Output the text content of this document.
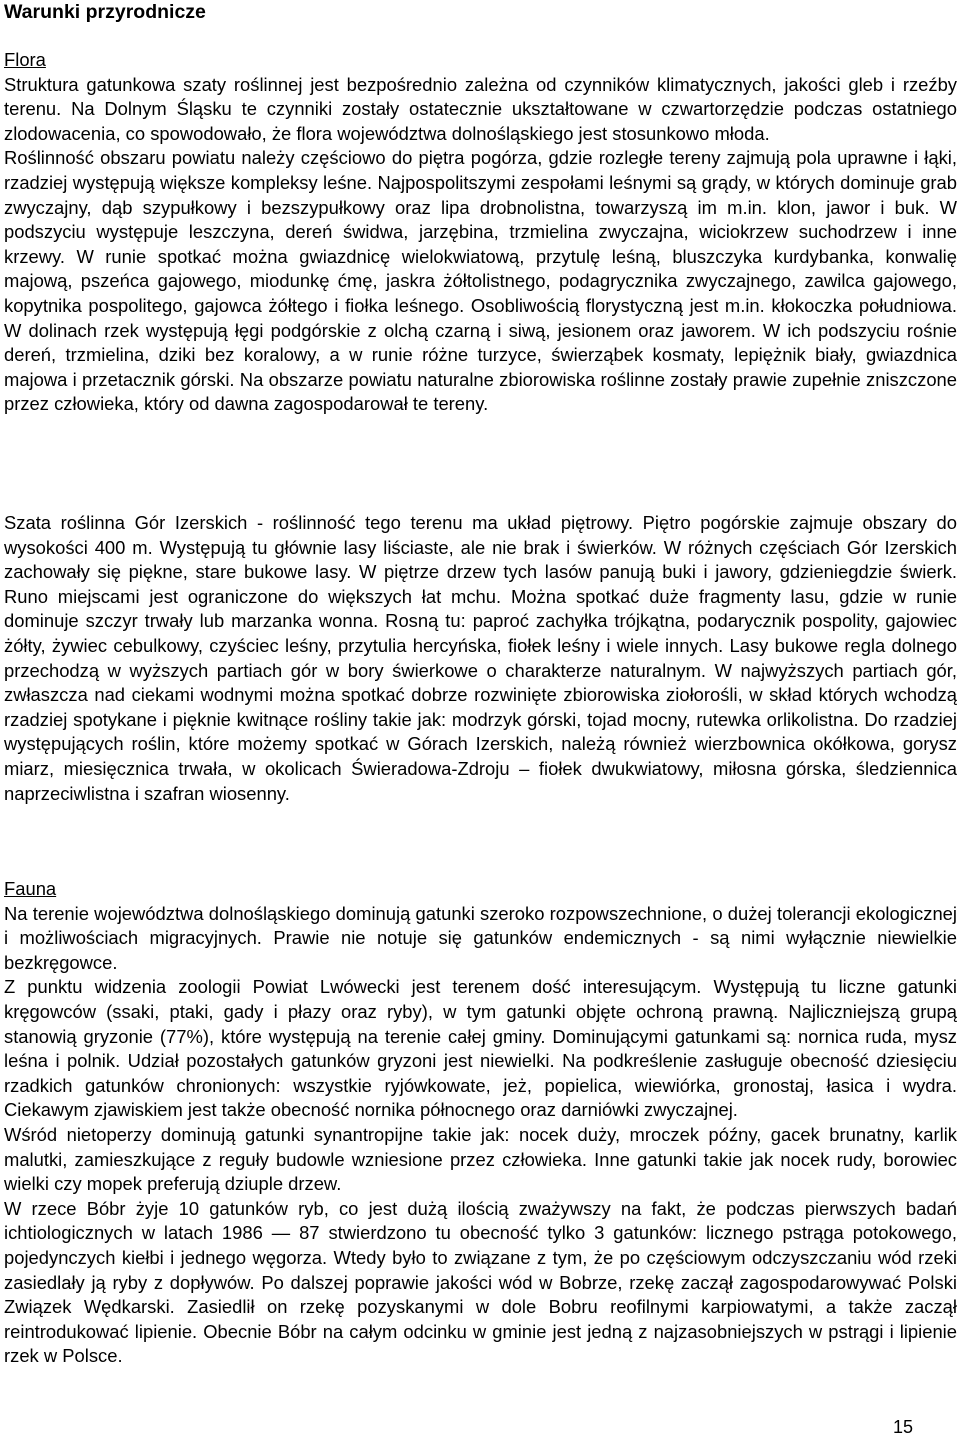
Warunki przyrodnicze
Flora

Struktura gatunkowa szaty roślinnej jest bezpośrednio zależna od czynników klimatycznych, jakości gleb i rzeźby terenu. Na Dolnym Śląsku te czynniki zostały ostatecznie ukształtowane w czwartorzędzie podczas ostatniego zlodowacenia, co spowodowało, że flora województwa dolnośląskiego jest stosunkowo młoda.

Roślinność obszaru powiatu należy częściowo do piętra pogórza, gdzie rozległe tereny zajmują pola uprawne i łąki, rzadziej występują większe kompleksy leśne. Najpospolitszymi zespołami leśnymi są grądy, w których dominuje grab zwyczajny, dąb szypułkowy i bezszypułkowy oraz lipa drobnolistna, towarzyszą im m.in. klon, jawor i buk. W podszyciu występuje leszczyna, dereń świdwa, jarzębina, trzmielina zwyczajna, wiciokrzew suchodrzew i inne krzewy. W runie spotkać można gwiazdnicę wielokwiatową, przytulę leśną, bluszczyka kurdybanka, konwalię majową, pszeńca gajowego, miodunkę ćmę, jaskra żółtolistnego, podagrycznika zwyczajnego, zawilca gajowego, kopytnika pospolitego, gajowca żółtego i fiołka leśnego. Osobliwością florystyczną jest m.in. kłokoczka południowa. W dolinach rzek występują łęgi podgórskie z olchą czarną i siwą, jesionem oraz jaworem. W ich podszyciu rośnie dereń, trzmielina, dziki bez koralowy, a w runie różne turzyce, świerząbek kosmaty, lepiężnik biały, gwiazdnica majowa i przetacznik górski. Na obszarze powiatu naturalne zbiorowiska roślinne zostały prawie zupełnie zniszczone przez człowieka, który od dawna zagospodarował te tereny.

Szata roślinna Gór Izerskich - roślinność tego terenu ma układ piętrowy. Piętro pogórskie zajmuje obszary do wysokości 400 m. Występują tu głównie lasy liściaste, ale nie brak i świerków. W różnych częściach Gór Izerskich zachowały się piękne, stare bukowe lasy. W piętrze drzew tych lasów panują buki i jawory, gdzieniegdzie świerk. Runo miejscami jest ograniczone do większych łat mchu. Można spotkać duże fragmenty lasu, gdzie w runie dominuje szczyr trwały lub marzanka wonna. Rosną tu: paproć zachyłka trójkątna, podarycznik pospolity, gajowiec żółty, żywiec cebulkowy, czyściec leśny, przytulia hercyńska, fiołek leśny i wiele innych. Lasy bukowe regla dolnego przechodzą w wyższych partiach gór w bory świerkowe o charakterze naturalnym. W najwyższych partiach gór, zwłaszcza nad ciekami wodnymi można spotkać dobrze rozwinięte zbiorowiska ziołorośli, w skład których wchodzą rzadziej spotykane i pięknie kwitnące rośliny takie jak: modrzyk górski, tojad mocny, rutewka orlikolistna. Do rzadziej występujących roślin, które możemy spotkać w Górach Izerskich, należą również wierzbownica okółkowa, gorysz miarz, miesięcznica trwała, w okolicach Świeradowa-Zdroju – fiołek dwukwiatowy, miłosna górska, śledziennica naprzeciwlistna i szafran wiosenny.

Fauna

Na terenie województwa dolnośląskiego dominują gatunki szeroko rozpowszechnione, o dużej tolerancji ekologicznej i możliwościach migracyjnych. Prawie nie notuje się gatunków endemicznych - są nimi wyłącznie niewielkie bezkręgowce.

Z punktu widzenia zoologii Powiat Lwówecki jest terenem dość interesującym. Występują tu liczne gatunki kręgowców (ssaki, ptaki, gady i płazy oraz ryby), w tym gatunki objęte ochroną prawną. Najliczniejszą grupą stanowią gryzonie (77%), które występują na terenie całej gminy. Dominującymi gatunkami są: nornica ruda, mysz leśna i polnik. Udział pozostałych gatunków gryzoni jest niewielki. Na podkreślenie zasługuje obecność dziesięciu rzadkich gatunków chronionych: wszystkie ryjówkowate, jeż, popielica, wiewiórka, gronostaj, łasica i wydra. Ciekawym zjawiskiem jest także obecność nornika północnego oraz darniówki zwyczajnej.

Wśród nietoperzy dominują gatunki synantropijne takie jak: nocek duży, mroczek późny, gacek brunatny, karlik malutki, zamieszkujące z reguły budowle wzniesione przez człowieka. Inne gatunki takie jak nocek rudy, borowiec wielki czy mopek preferują dziuple drzew.

W rzece Bóbr żyje 10 gatunków ryb, co jest dużą ilością zważywszy na fakt, że podczas pierwszych badań ichtiologicznych w latach 1986 — 87 stwierdzono tu obecność tylko 3 gatunków: licznego pstrąga potokowego, pojedynczych kiełbi i jednego węgorza. Wtedy było to związane z tym, że po częściowym odczyszczaniu wód rzeki zasiedlały ją ryby z dopływów. Po dalszej poprawie jakości wód w Bobrze, rzekę zaczął zagospodarowywać Polski Związek Wędkarski. Zasiedlił on rzekę pozyskanymi w dole Bobru reofilnymi karpiowatymi, a także zaczął reintrodukować lipienie. Obecnie Bóbr na całym odcinku w gminie jest jedną z najzasobniejszych w pstrągi i lipienie rzek w Polsce.

15
